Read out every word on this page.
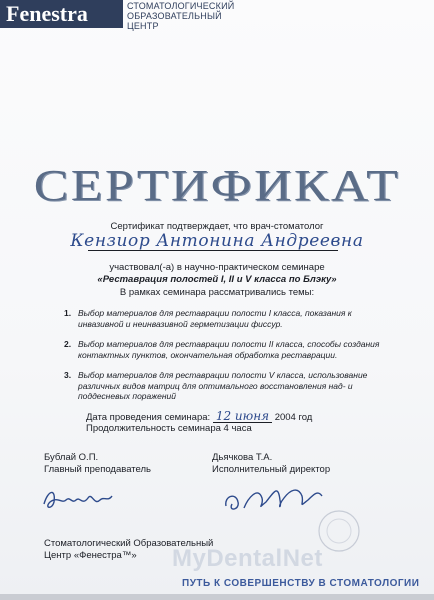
Fenestra	СТОМАТОЛОГИЧЕСКИЙ
ОБРАЗОВАТЕЛЬНЫЙ
ЦЕНТР
СЕРТИФИКАТ
Сертификат подтверждает, что врач-стоматолог
Кензиор Антонина Андреевна
участвовал(-а) в научно-практическом семинаре
«Реставрация полостей I, II и V класса по Блэку»
В рамках семинара рассматривались темы:
1. Выбор материалов для реставрации полости I класса, показания к инвазивной и неинвазивной герметизации фиссур.
2. Выбор материалов для реставрации полости II класса, способы создания контактных пунктов, окончательная обработка реставрации.
3. Выбор материалов для реставрации полости V класса, использование различных видов матриц для оптимального восстановления над- и поддесневых поражений
Дата проведения семинара: 12 июня 2004 год
Продолжительность семинара 4 часа
Бублай О.П.
Главный преподаватель
Дьячкова Т.А.
Исполнительный директор
Стоматологический Образовательный
Центр «Фенестра™»	MyDentalNet
ПУТЬ К СОВЕРШЕНСТВУ В СТОМАТОЛОГИИ
